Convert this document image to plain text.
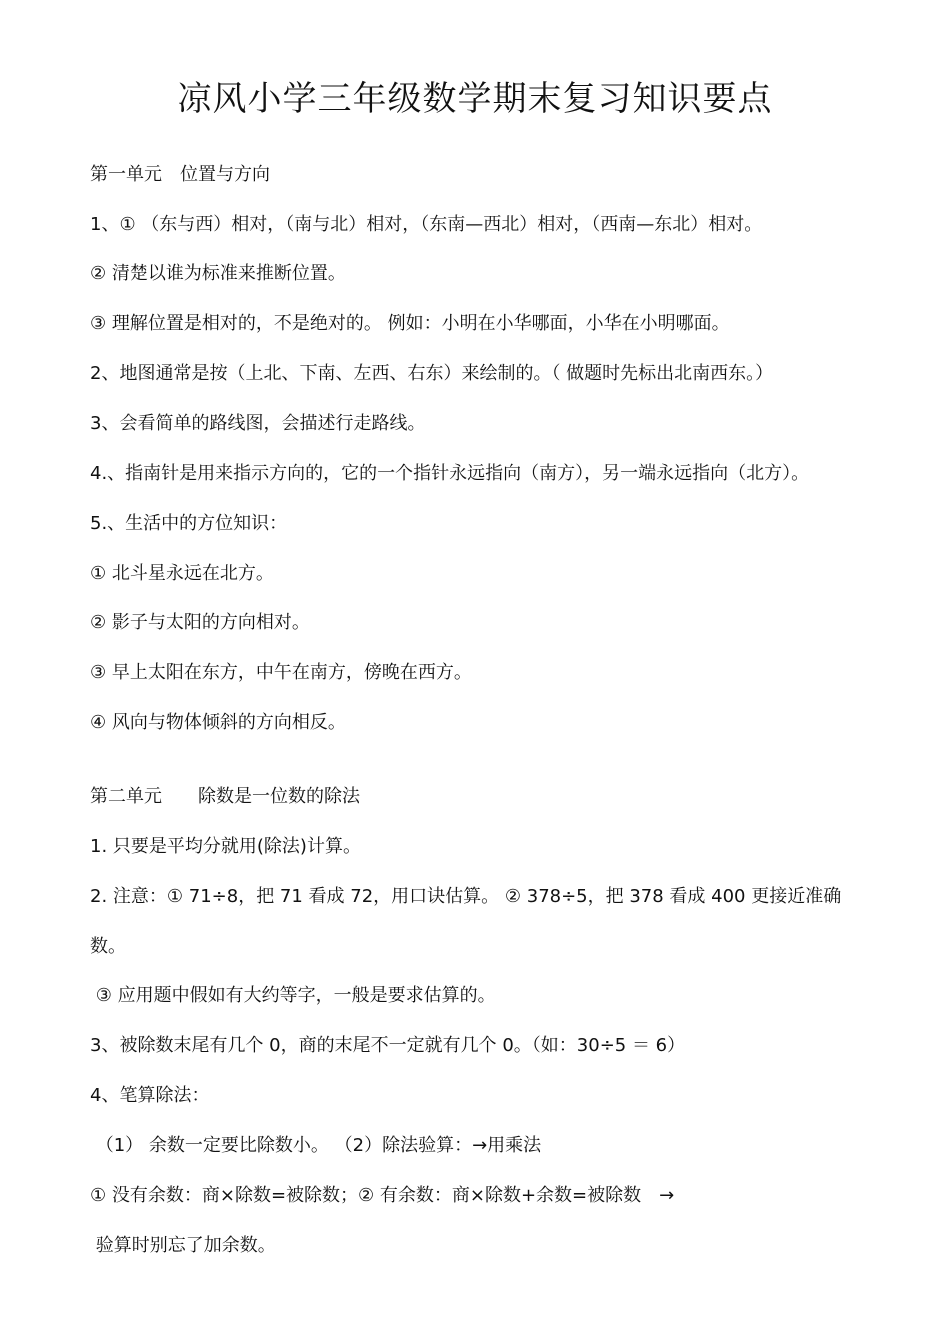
凉风小学三年级数学期末复习知识要点
第一单元　位置与方向
1、① （东与西）相对，（南与北）相对，（东南—西北）相对，（西南—东北）相对。
② 清楚以谁为标准来推断位置。
③ 理解位置是相对的，不是绝对的。 例如：小明在小华哪面，小华在小明哪面。
2、地图通常是按（上北、下南、左西、右东）来绘制的。（ 做题时先标出北南西东。）
3、会看简单的路线图，会描述行走路线。
4.、指南针是用来指示方向的，它的一个指针永远指向（南方），另一端永远指向（北方）。
5.、生活中的方位知识：
① 北斗星永远在北方。
② 影子与太阳的方向相对。
③ 早上太阳在东方，中午在南方，傍晚在西方。
④ 风向与物体倾斜的方向相反。
第二单元　　除数是一位数的除法
1. 只要是平均分就用(除法)计算。
2. 注意：① 71÷8，把 71 看成 72，用口诀估算。 ② 378÷5，把 378 看成 400 更接近准确
数。
③ 应用题中假如有大约等字，一般是要求估算的。
3、被除数末尾有几个 0，商的末尾不一定就有几个 0。（如：30÷5 ＝ 6）
4、笔算除法：
（1） 余数一定要比除数小。 （2）除法验算：→用乘法
① 没有余数：商×除数=被除数；② 有余数：商×除数+余数=被除数　→
验算时别忘了加余数。
